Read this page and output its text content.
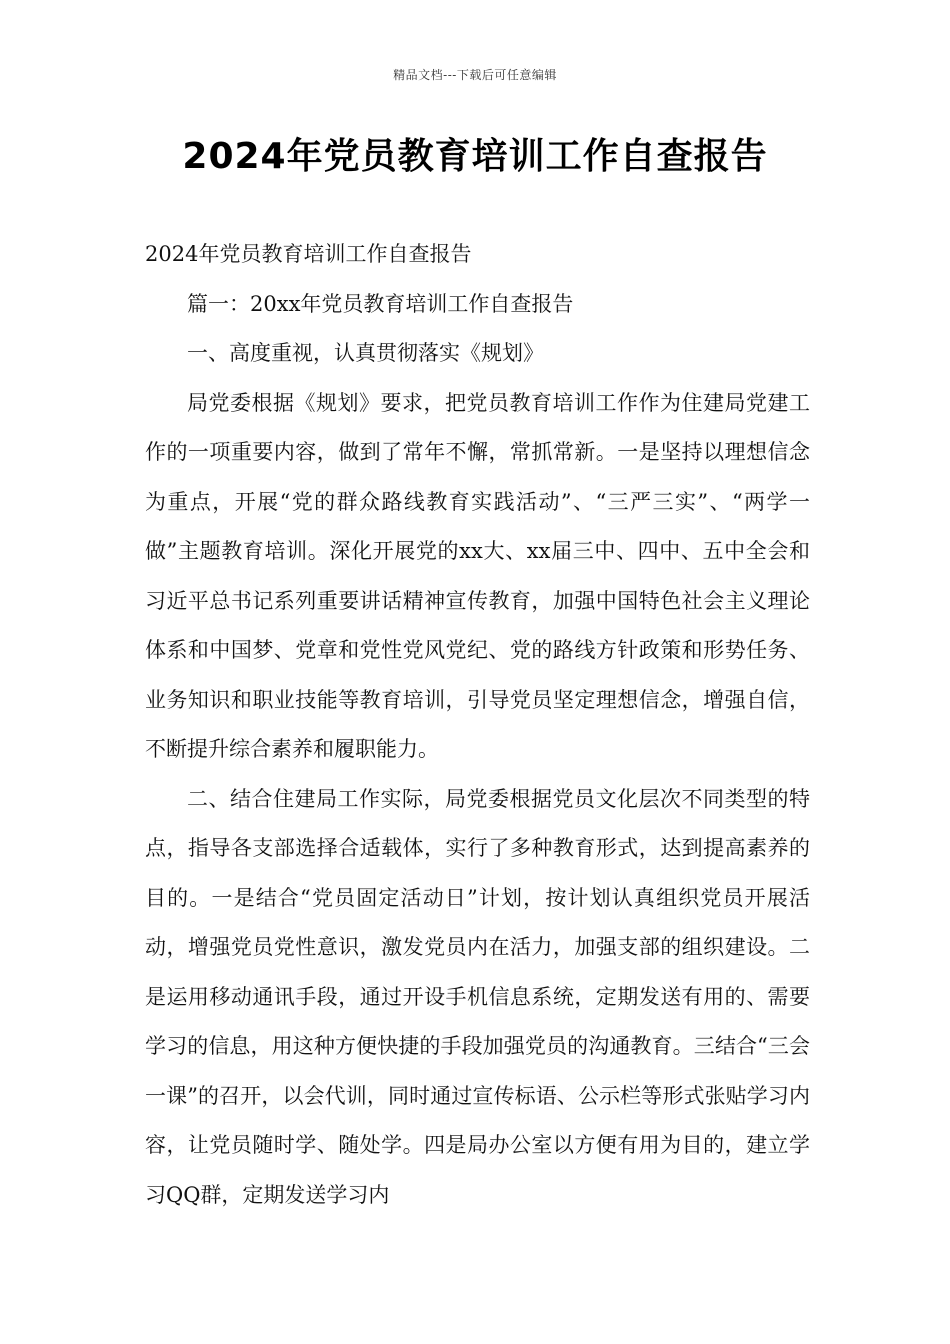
精品文档---下载后可任意编辑
2024年党员教育培训工作自查报告

2024年党员教育培训工作自查报告

篇一：20xx年党员教育培训工作自查报告

一、高度重视，认真贯彻落实《规划》

局党委根据《规划》要求，把党员教育培训工作作为住建局党建工作的一项重要内容，做到了常年不懈，常抓常新。一是坚持以理想信念为重点，开展“党的群众路线教育实践活动”、“三严三实”、“两学一做”主题教育培训。深化开展党的xx大、xx届三中、四中、五中全会和习近平总书记系列重要讲话精神宣传教育，加强中国特色社会主义理论体系和中国梦、党章和党性党风党纪、党的路线方针政策和形势任务、业务知识和职业技能等教育培训，引导党员坚定理想信念，增强自信，不断提升综合素养和履职能力。

二、结合住建局工作实际，局党委根据党员文化层次不同类型的特点，指导各支部选择合适载体，实行了多种教育形式，达到提高素养的目的。一是结合“党员固定活动日”计划，按计划认真组织党员开展活动，增强党员党性意识，激发党员内在活力，加强支部的组织建设。二是运用移动通讯手段，通过开设手机信息系统，定期发送有用的、需要学习的信息，用这种方便快捷的手段加强党员的沟通教育。三结合“三会一课”的召开，以会代训，同时通过宣传标语、公示栏等形式张贴学习内容，让党员随时学、随处学。四是局办公室以方便有用为目的，建立学习QQ群，定期发送学习内
